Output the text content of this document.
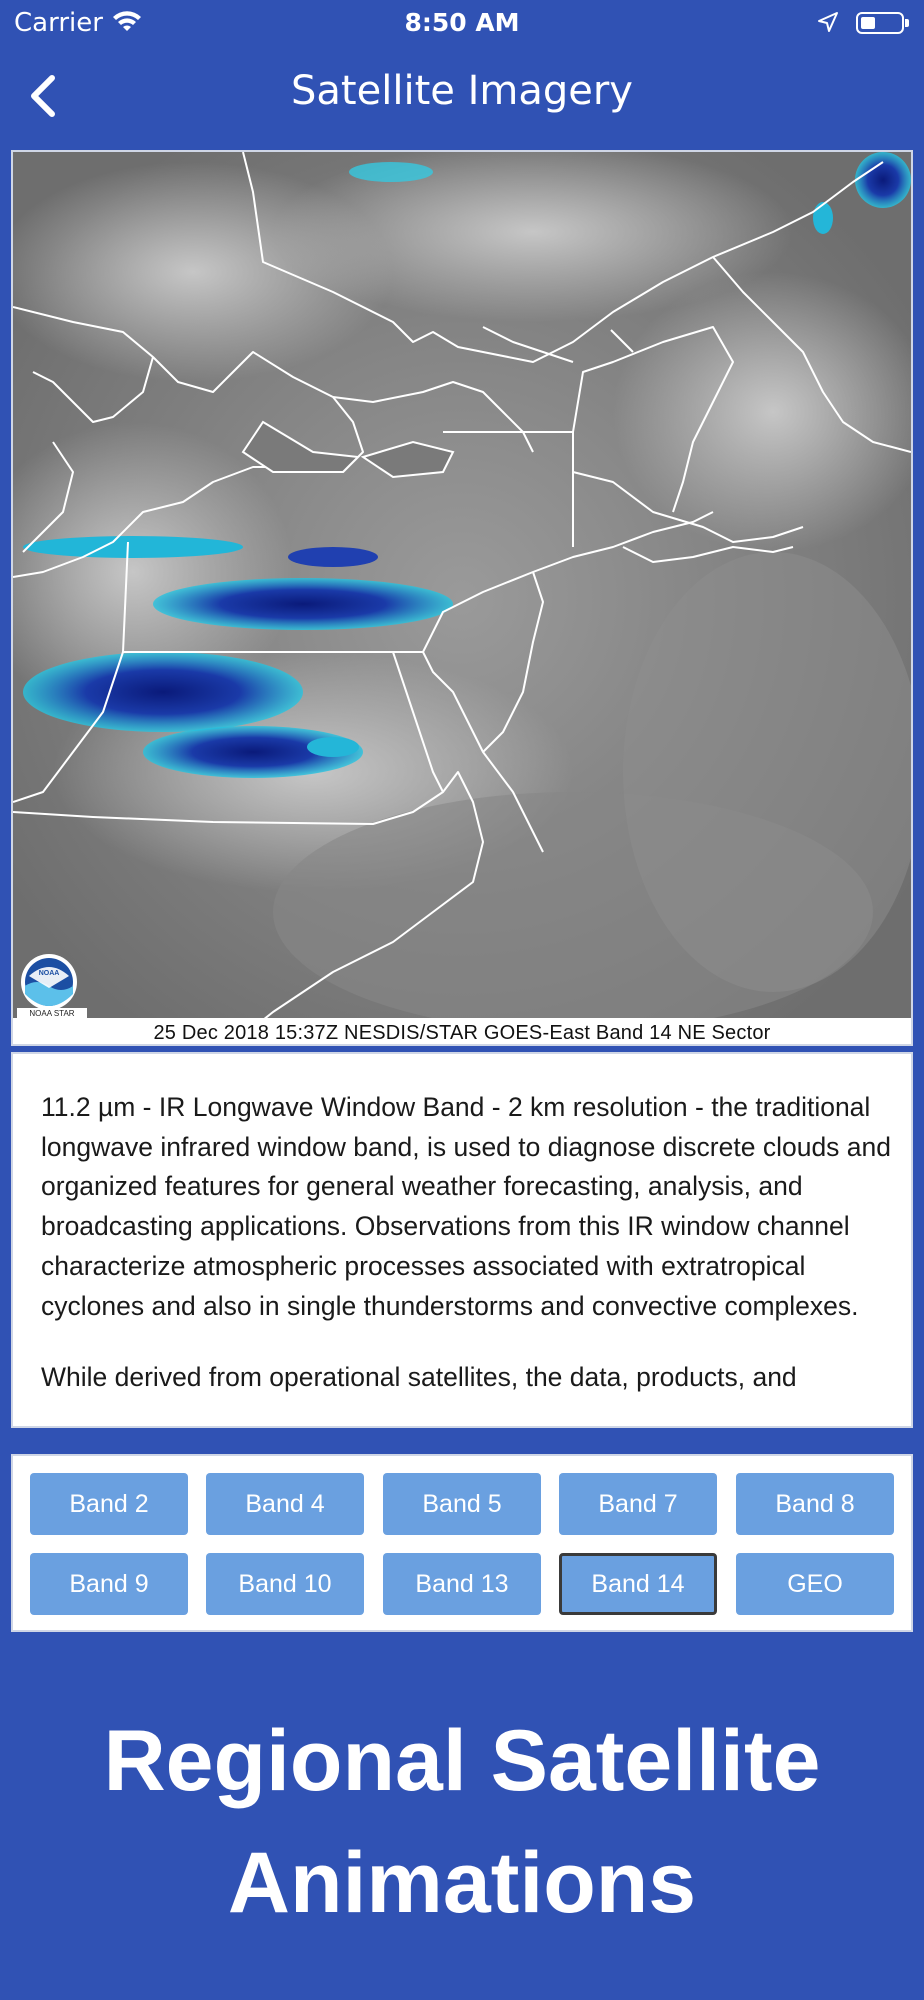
Carrier	8:50 AM
Satellite Imagery
NOAA
NOAA STAR
25 Dec 2018 15:37Z NESDIS/STAR GOES-East Band 14 NE Sector

11.2 µm - IR Longwave Window Band - 2 km resolution - the traditional longwave infrared window band, is used to diagnose discrete clouds and organized features for general weather forecasting, analysis, and broadcasting applications. Observations from this IR window channel characterize atmospheric processes associated with extratropical cyclones and also in single thunderstorms and convective complexes.

While derived from operational satellites, the data, products, and

Band 2	Band 4	Band 5	Band 7	Band 8
Band 9	Band 10	Band 13	Band 14	GEO
Regional Satellite
Animations
